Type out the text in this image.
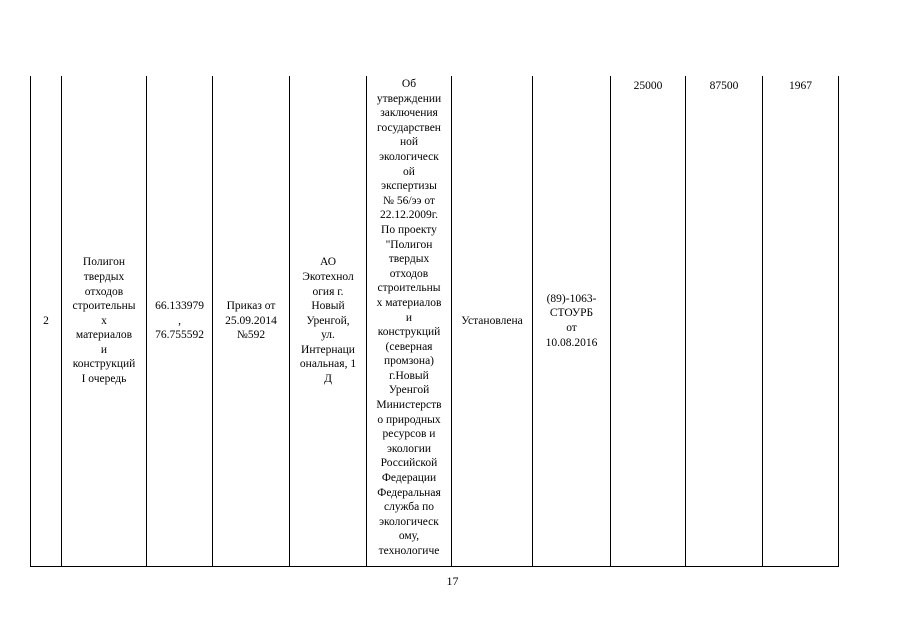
2
Полигон
твердых
отходов
строительны
х
материалов
и
конструкций
I очередь
66.133979
,
76.755592
Приказ от
25.09.2014
№592
АО
Экотехнол
огия г.
Новый
Уренгой,
ул.
Интернаци
ональная, 1
Д
Об
утверждении
заключения
государствен
ной
экологическ
ой
экспертизы
№ 56/ээ от
22.12.2009г.
По проекту
"Полигон
твердых
отходов
строительны
х материалов
и
конструкций
(северная
промзона)
г.Новый
Уренгой
Министерств
о природных
ресурсов и
экологии
Российской
Федерации
Федеральная
служба по
экологическ
ому,
технологиче
Установлена
(89)-1063-
СТОУРБ
от
10.08.2016
25000	87500	1967
17
